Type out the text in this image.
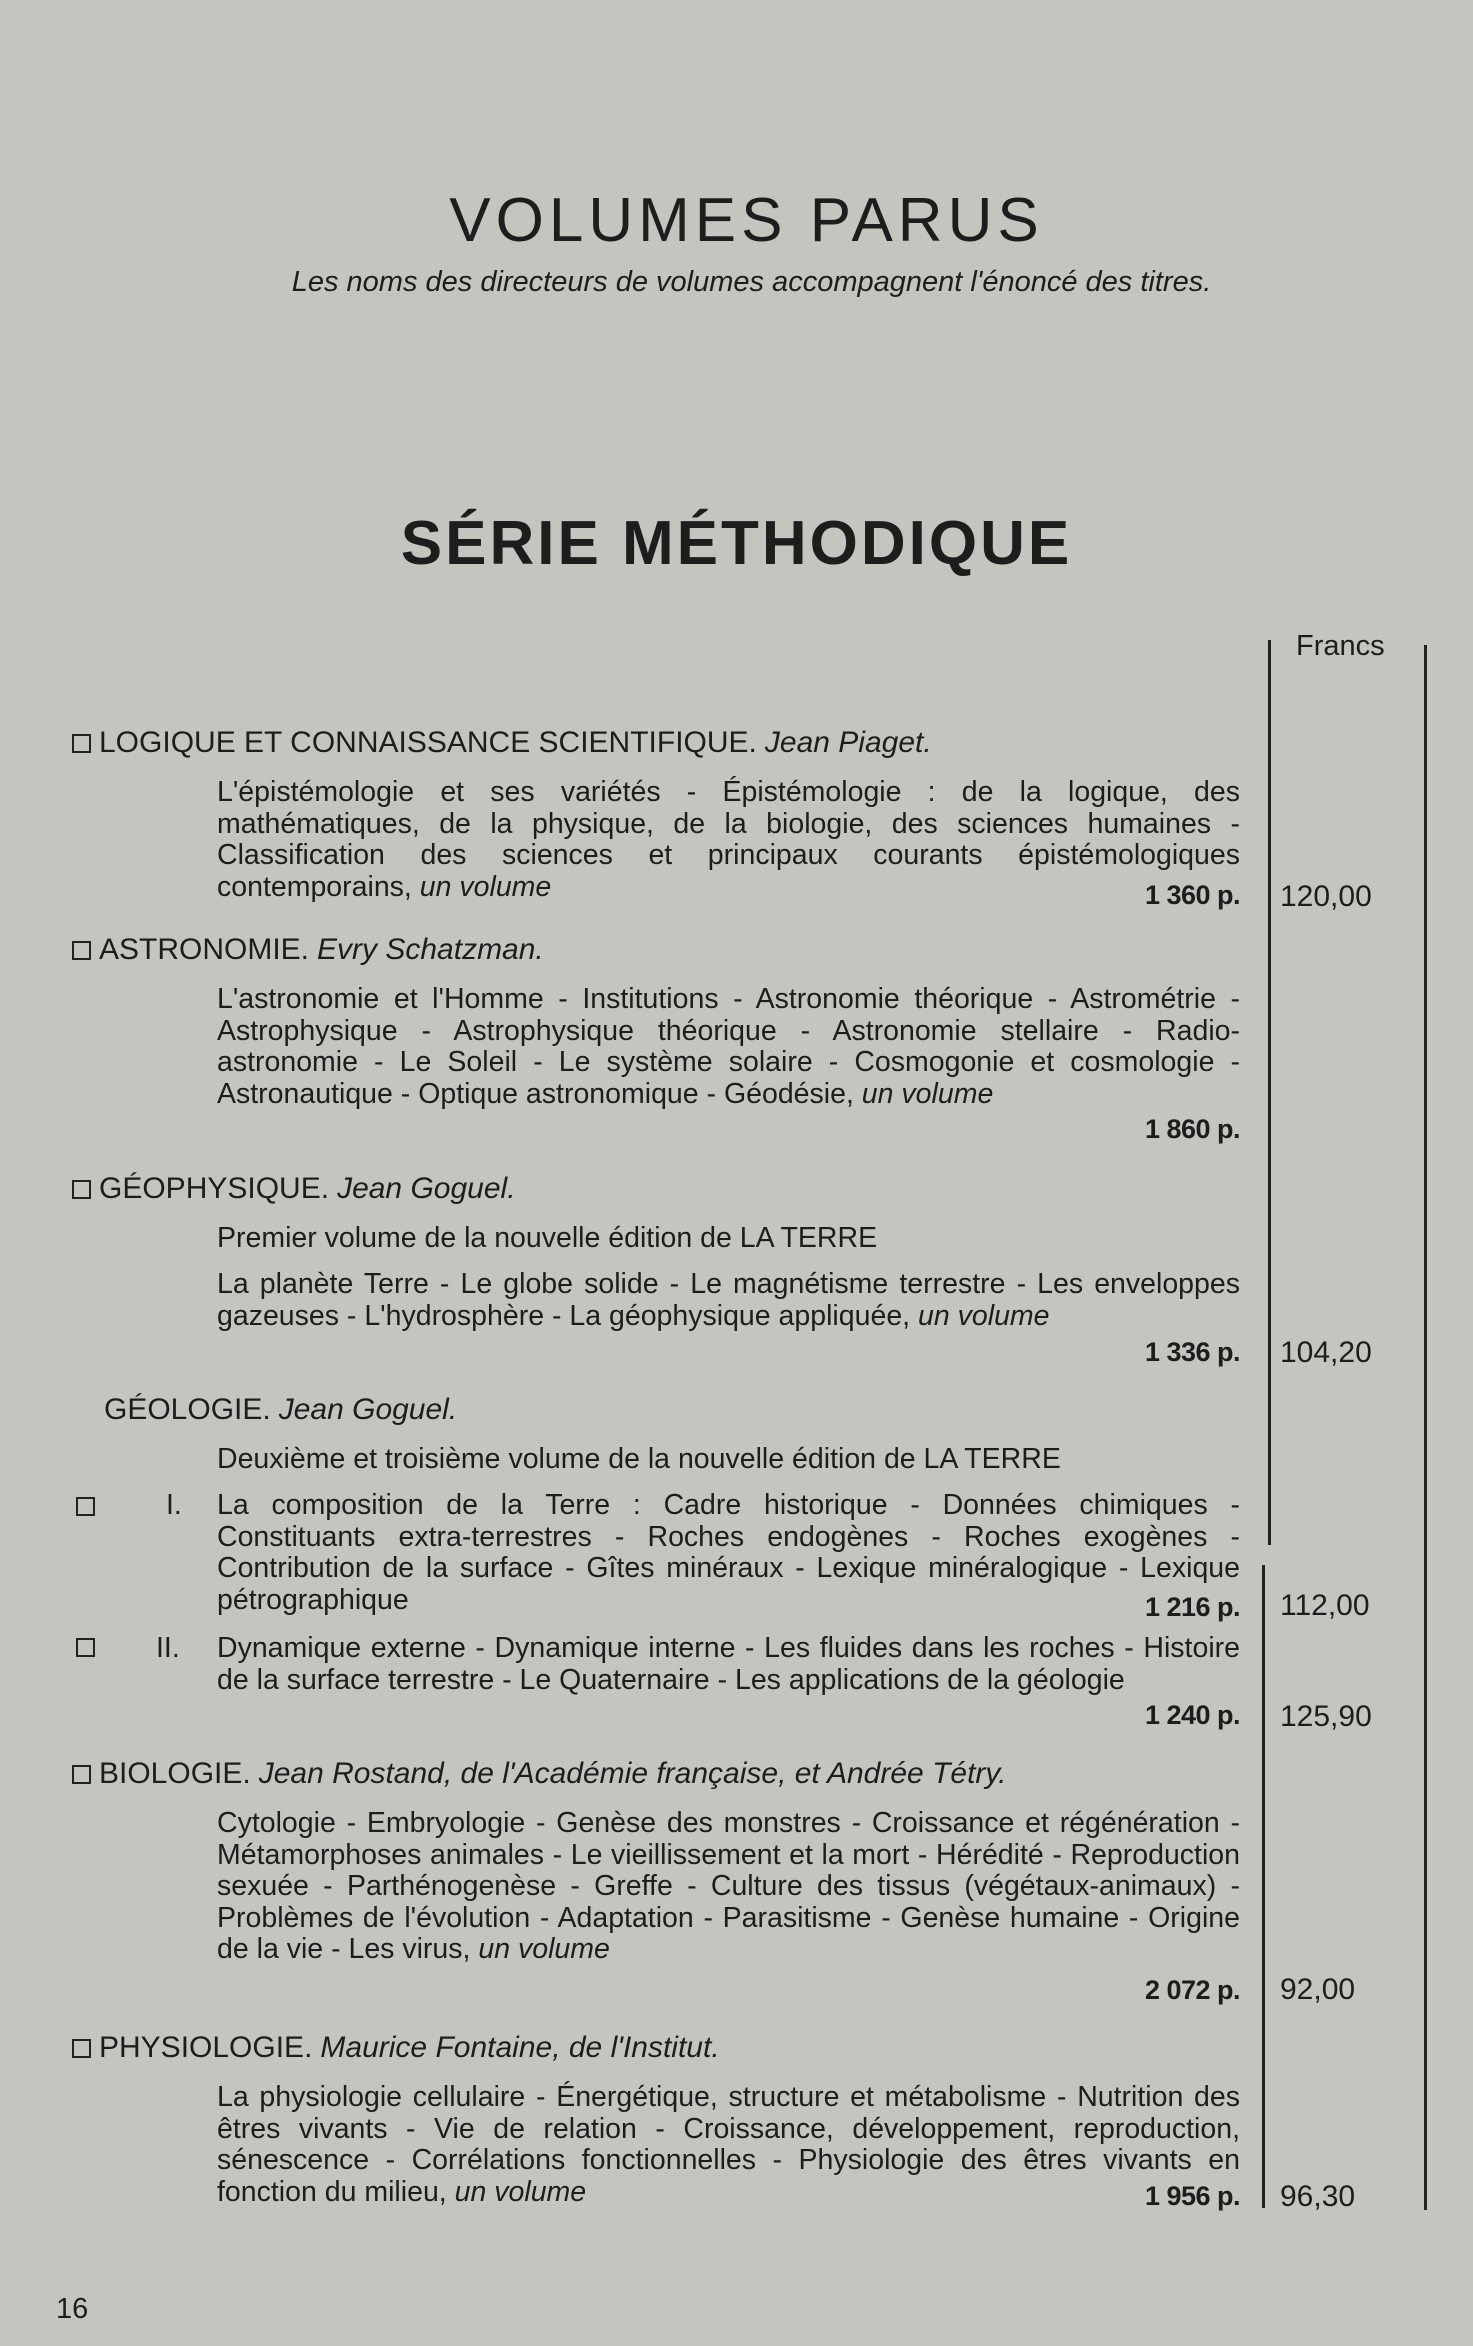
VOLUMES PARUS
Les noms des directeurs de volumes accompagnent l'énoncé des titres.
SÉRIE MÉTHODIQUE
Francs
LOGIQUE ET CONNAISSANCE SCIENTIFIQUE. Jean Piaget.
L'épistémologie et ses variétés - Épistémologie : de la logique, des mathématiques, de la physique, de la biologie, des sciences humaines - Classification des sciences et principaux courants épistémologiques contemporains, un volume	1 360 p. 120,00
ASTRONOMIE. Evry Schatzman.
L'astronomie et l'Homme - Institutions - Astronomie théorique - Astrométrie - Astrophysique - Astrophysique théorique - Astronomie stellaire - Radio-astronomie - Le Soleil - Le système solaire - Cosmogonie et cosmologie - Astronautique - Optique astronomique - Géodésie, un volume
1 860 p.
GÉOPHYSIQUE. Jean Goguel.
Premier volume de la nouvelle édition de LA TERRE
La planète Terre - Le globe solide - Le magnétisme terrestre - Les enveloppes gazeuses - L'hydrosphère - La géophysique appliquée, un volume
1 336 p. 104,20
GÉOLOGIE. Jean Goguel.
Deuxième et troisième volume de la nouvelle édition de LA TERRE
I. La composition de la Terre : Cadre historique - Données chimiques - Constituants extra-terrestres - Roches endogènes - Roches exogènes - Contribution de la surface - Gîtes minéraux - Lexique minéralogique - Lexique pétrographique	1 216 p. 112,00
II. Dynamique externe - Dynamique interne - Les fluides dans les roches - Histoire de la surface terrestre - Le Quaternaire - Les applications de la géologie
1 240 p. 125,90
BIOLOGIE. Jean Rostand, de l'Académie française, et Andrée Tétry.
Cytologie - Embryologie - Genèse des monstres - Croissance et régénération - Métamorphoses animales - Le vieillissement et la mort - Hérédité - Reproduction sexuée - Parthénogenèse - Greffe - Culture des tissus (végétaux-animaux) - Problèmes de l'évolution - Adaptation - Parasitisme - Genèse humaine - Origine de la vie - Les virus, un volume
2 072 p. 92,00
PHYSIOLOGIE. Maurice Fontaine, de l'Institut.
La physiologie cellulaire - Énergétique, structure et métabolisme - Nutrition des êtres vivants - Vie de relation - Croissance, développement, reproduction, sénescence - Corrélations fonctionnelles - Physiologie des êtres vivants en fonction du milieu, un volume	1 956 p. 96,30
16
